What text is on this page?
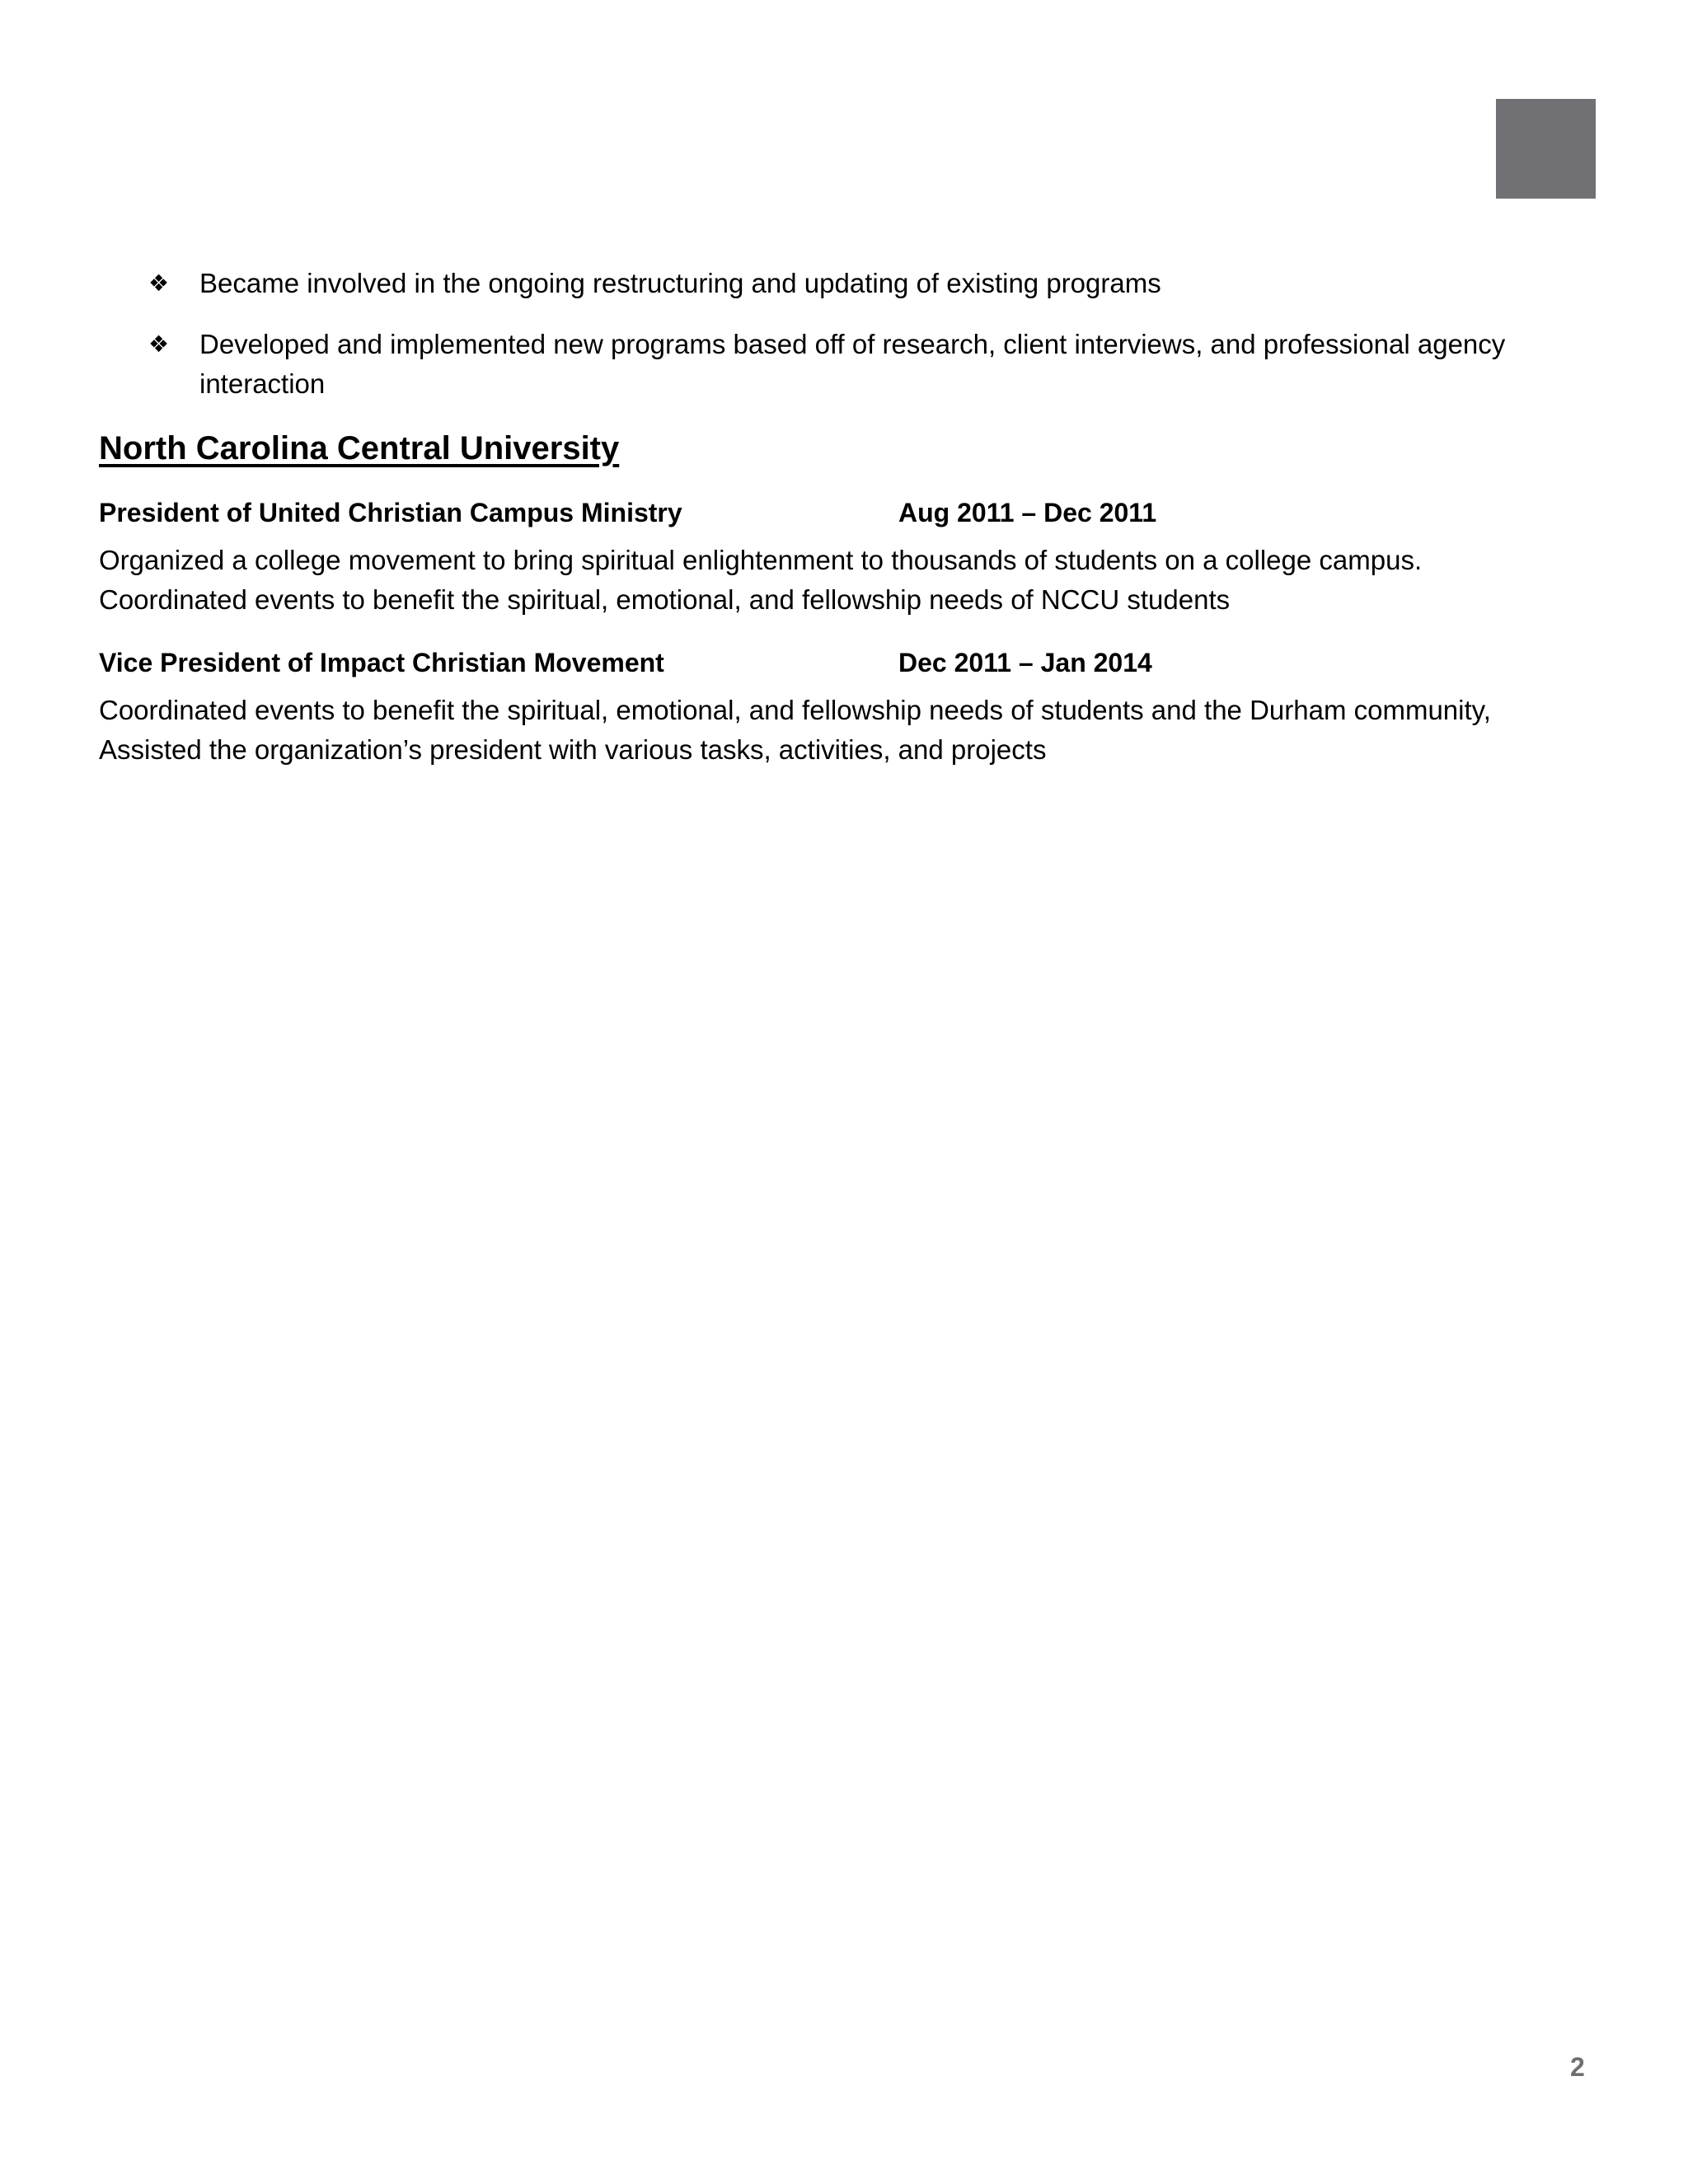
❖ Became involved in the ongoing restructuring and updating of existing programs
❖ Developed and implemented new programs based off of research, client interviews, and professional agency interaction
North Carolina Central University
President of United Christian Campus Ministry	Aug 2011 – Dec 2011
Organized a college movement to bring spiritual enlightenment to thousands of students on a college campus.
Coordinated events to benefit the spiritual, emotional, and fellowship needs of NCCU students
Vice President of Impact Christian Movement	Dec 2011 – Jan 2014
Coordinated events to benefit the spiritual, emotional, and fellowship needs of students and the Durham community,
Assisted the organization’s president with various tasks, activities, and projects
2
